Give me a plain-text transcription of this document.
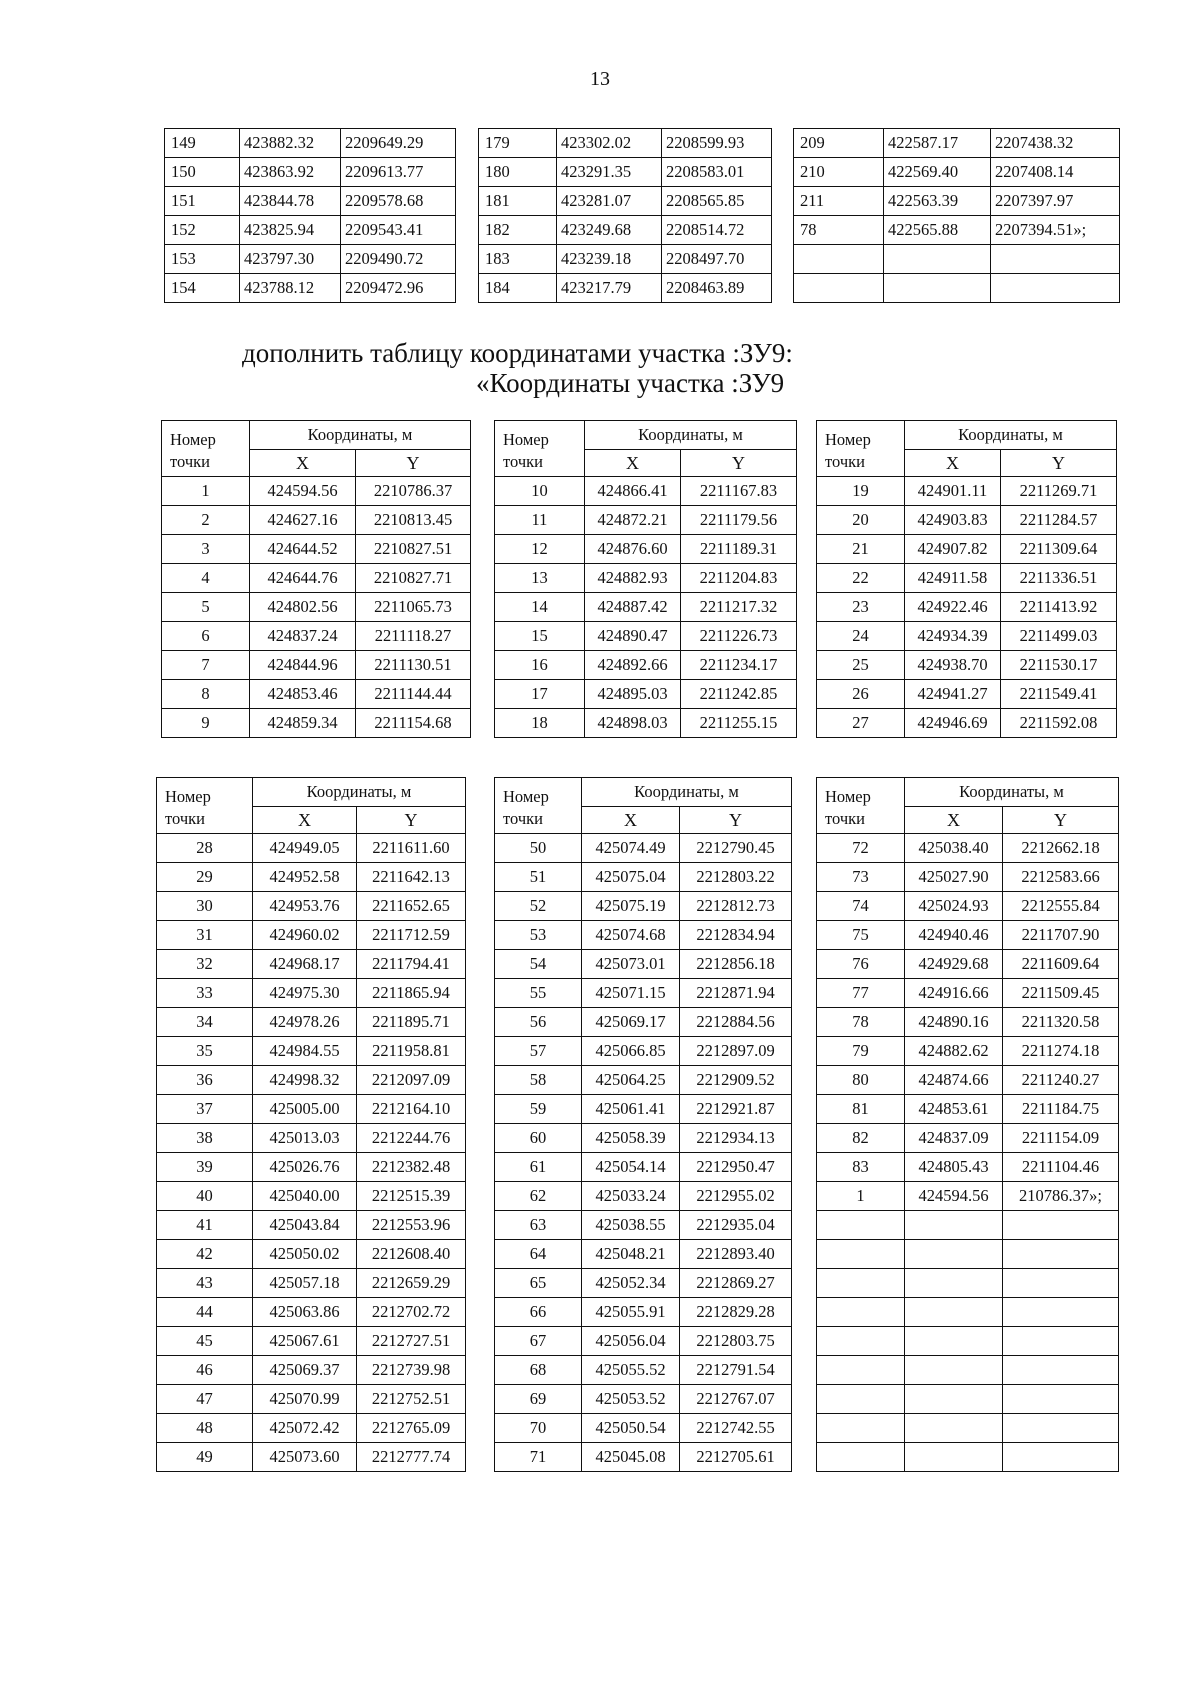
13
149	423882.32	2209649.29
150	423863.92	2209613.77
151	423844.78	2209578.68
152	423825.94	2209543.41
153	423797.30	2209490.72
154	423788.12	2209472.96
179	423302.02	2208599.93
180	423291.35	2208583.01
181	423281.07	2208565.85
182	423249.68	2208514.72
183	423239.18	2208497.70
184	423217.79	2208463.89
209	422587.17	2207438.32
210	422569.40	2207408.14
211	422563.39	2207397.97
78	422565.88	2207394.51»;

дополнить таблицу координатами участка :ЗУ9:
«Координаты участка :ЗУ9
Номер
точки	Координаты, м	
	X	Y
1	424594.56	2210786.37
2	424627.16	2210813.45
3	424644.52	2210827.51
4	424644.76	2210827.71
5	424802.56	2211065.73
6	424837.24	2211118.27
7	424844.96	2211130.51
8	424853.46	2211144.44
9	424859.34	2211154.68
Номер
точки	Координаты, м	
	X	Y
10	424866.41	2211167.83
11	424872.21	2211179.56
12	424876.60	2211189.31
13	424882.93	2211204.83
14	424887.42	2211217.32
15	424890.47	2211226.73
16	424892.66	2211234.17
17	424895.03	2211242.85
18	424898.03	2211255.15
Номер
точки	Координаты, м	
	X	Y
19	424901.11	2211269.71
20	424903.83	2211284.57
21	424907.82	2211309.64
22	424911.58	2211336.51
23	424922.46	2211413.92
24	424934.39	2211499.03
25	424938.70	2211530.17
26	424941.27	2211549.41
27	424946.69	2211592.08
Номер
точки	Координаты, м	
	X	Y
28	424949.05	2211611.60
29	424952.58	2211642.13
30	424953.76	2211652.65
31	424960.02	2211712.59
32	424968.17	2211794.41
33	424975.30	2211865.94
34	424978.26	2211895.71
35	424984.55	2211958.81
36	424998.32	2212097.09
37	425005.00	2212164.10
38	425013.03	2212244.76
39	425026.76	2212382.48
40	425040.00	2212515.39
41	425043.84	2212553.96
42	425050.02	2212608.40
43	425057.18	2212659.29
44	425063.86	2212702.72
45	425067.61	2212727.51
46	425069.37	2212739.98
47	425070.99	2212752.51
48	425072.42	2212765.09
49	425073.60	2212777.74
Номер
точки	Координаты, м	
	X	Y
50	425074.49	2212790.45
51	425075.04	2212803.22
52	425075.19	2212812.73
53	425074.68	2212834.94
54	425073.01	2212856.18
55	425071.15	2212871.94
56	425069.17	2212884.56
57	425066.85	2212897.09
58	425064.25	2212909.52
59	425061.41	2212921.87
60	425058.39	2212934.13
61	425054.14	2212950.47
62	425033.24	2212955.02
63	425038.55	2212935.04
64	425048.21	2212893.40
65	425052.34	2212869.27
66	425055.91	2212829.28
67	425056.04	2212803.75
68	425055.52	2212791.54
69	425053.52	2212767.07
70	425050.54	2212742.55
71	425045.08	2212705.61
Номер
точки	Координаты, м	
	X	Y
72	425038.40	2212662.18
73	425027.90	2212583.66
74	425024.93	2212555.84
75	424940.46	2211707.90
76	424929.68	2211609.64
77	424916.66	2211509.45
78	424890.16	2211320.58
79	424882.62	2211274.18
80	424874.66	2211240.27
81	424853.61	2211184.75
82	424837.09	2211154.09
83	424805.43	2211104.46
1	424594.56	210786.37»;
